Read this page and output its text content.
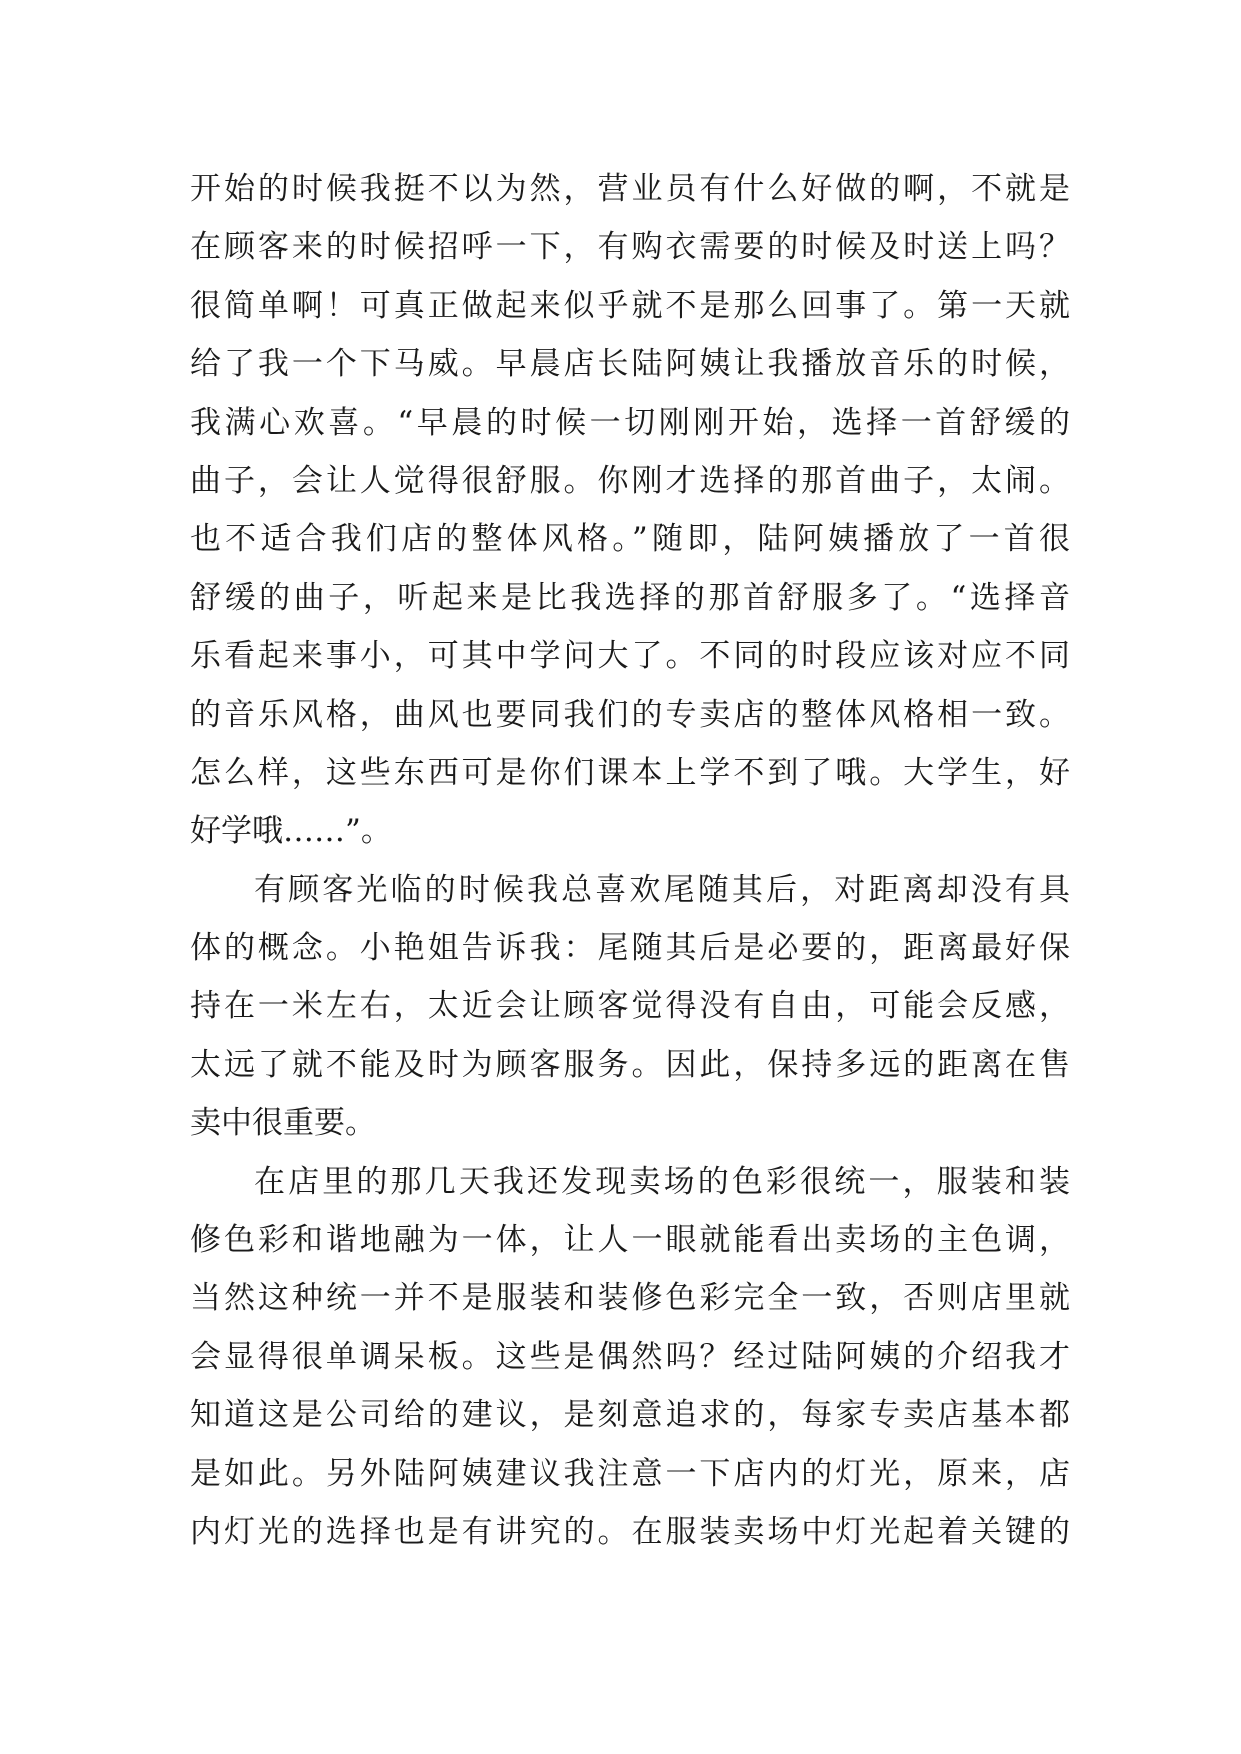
开始的时候我挺不以为然，营业员有什么好做的啊，不就是
在顾客来的时候招呼一下，有购衣需要的时候及时送上吗？
很简单啊！可真正做起来似乎就不是那么回事了。第一天就
给了我一个下马威。早晨店长陆阿姨让我播放音乐的时候，
我满心欢喜。“早晨的时候一切刚刚开始，选择一首舒缓的
曲子，会让人觉得很舒服。你刚才选择的那首曲子，太闹。
也不适合我们店的整体风格。”随即，陆阿姨播放了一首很
舒缓的曲子，听起来是比我选择的那首舒服多了。“选择音
乐看起来事小，可其中学问大了。不同的时段应该对应不同
的音乐风格，曲风也要同我们的专卖店的整体风格相一致。
怎么样，这些东西可是你们课本上学不到了哦。大学生，好
好学哦……”。
有顾客光临的时候我总喜欢尾随其后，对距离却没有具
体的概念。小艳姐告诉我：尾随其后是必要的，距离最好保
持在一米左右，太近会让顾客觉得没有自由，可能会反感，
太远了就不能及时为顾客服务。因此，保持多远的距离在售
卖中很重要。
在店里的那几天我还发现卖场的色彩很统一，服装和装
修色彩和谐地融为一体，让人一眼就能看出卖场的主色调，
当然这种统一并不是服装和装修色彩完全一致，否则店里就
会显得很单调呆板。这些是偶然吗？经过陆阿姨的介绍我才
知道这是公司给的建议，是刻意追求的，每家专卖店基本都
是如此。另外陆阿姨建议我注意一下店内的灯光，原来，店
内灯光的选择也是有讲究的。在服装卖场中灯光起着关键的
